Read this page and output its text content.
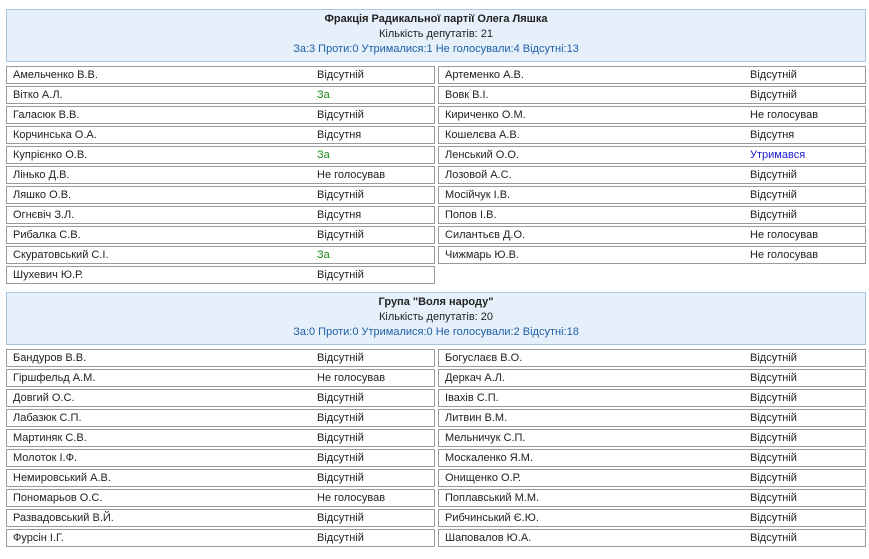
Фракція Радикальної партії Олега Ляшка
Кількість депутатів: 21
За:3 Проти:0 Утрималися:1 Не голосували:4 Відсутні:13
Амельченко В.В.	Відсутній
Вітко А.Л.	За
Галасюк В.В.	Відсутній
Корчинська О.А.	Відсутня
Купрієнко О.В.	За
Лінько Д.В.	Не голосував
Ляшко О.В.	Відсутній
Огнєвіч З.Л.	Відсутня
Рибалка С.В.	Відсутній
Скуратовський С.І.	За
Шухевич Ю.Р.	Відсутній
Артеменко А.В.	Відсутній
Вовк В.І.	Відсутній
Кириченко О.М.	Не голосував
Кошелєва А.В.	Відсутня
Ленський О.О.	Утримався
Лозовой А.С.	Відсутній
Мосійчук І.В.	Відсутній
Попов І.В.	Відсутній
Силантьєв Д.О.	Не голосував
Чижмарь Ю.В.	Не голосував
Група "Воля народу"
Кількість депутатів: 20
За:0 Проти:0 Утрималися:0 Не голосували:2 Відсутні:18
Бандуров В.В.	Відсутній
Гіршфельд А.М.	Не голосував
Довгий О.С.	Відсутній
Лабазюк С.П.	Відсутній
Мартиняк С.В.	Відсутній
Молоток І.Ф.	Відсутній
Немировський А.В.	Відсутній
Пономарьов О.С.	Не голосував
Развадовський В.Й.	Відсутній
Фурсін І.Г.	Відсутній
Богуслаєв В.О.	Відсутній
Деркач А.Л.	Відсутній
Іваxів С.П.	Відсутній
Литвин В.М.	Відсутній
Мельничук С.П.	Відсутній
Москаленко Я.М.	Відсутній
Онищенко О.Р.	Відсутній
Поплавський М.М.	Відсутній
Рибчинський Є.Ю.	Відсутній
Шаповалов Ю.А.	Відсутній
